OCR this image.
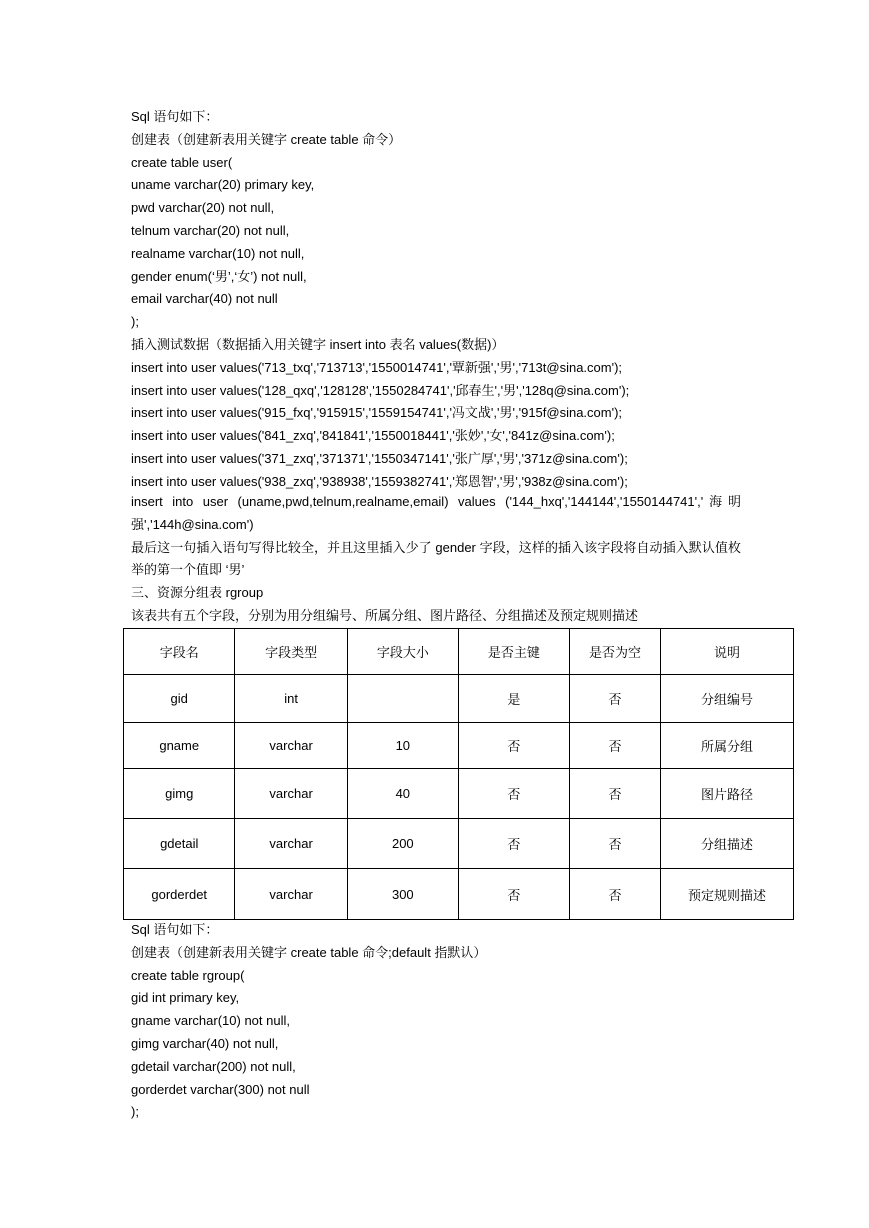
Sql 语句如下：
创建表（创建新表用关键字 create table 命令）
create table user(
uname varchar(20) primary key,
pwd varchar(20) not null,
telnum varchar(20) not null,
realname varchar(10) not null,
gender enum(‘男’,‘女’) not null,
email varchar(40) not null
);
插入测试数据（数据插入用关键字 insert into 表名 values(数据)）
insert into user values('713_txq','713713','1550014741','覃新强','男','713t@sina.com');
insert into user values('128_qxq','128128','1550284741','邱春生','男','128q@sina.com');
insert into user values('915_fxq','915915','1559154741','冯文战','男','915f@sina.com');
insert into user values('841_zxq','841841','1550018441','张妙','女','841z@sina.com');
insert into user values('371_zxq','371371','1550347141','张广厚','男','371z@sina.com');
insert into user values('938_zxq','938938','1559382741','郑恩智','男','938z@sina.com');
insert into user (uname,pwd,telnum,realname,email) values ('144_hxq','144144','1550144741','海明强','144h@sina.com')
最后这一句插入语句写得比较全，并且这里插入少了 gender 字段，这样的插入该字段将自动插入默认值枚举的第一个值即 ‘男’
三、资源分组表 rgroup
该表共有五个字段，分别为用分组编号、所属分组、图片路径、分组描述及预定规则描述
字段名	字段类型	字段大小	是否主键	是否为空	说明
gid	int		是	否	分组编号
gname	varchar	10	否	否	所属分组
gimg	varchar	40	否	否	图片路径
gdetail	varchar	200	否	否	分组描述
gorderdet	varchar	300	否	否	预定规则描述
Sql 语句如下：
创建表（创建新表用关键字 create table 命令;default 指默认）
create table rgroup(
gid int primary key,
gname varchar(10) not null,
gimg varchar(40) not null,
gdetail varchar(200) not null,
gorderdet varchar(300) not null
);
